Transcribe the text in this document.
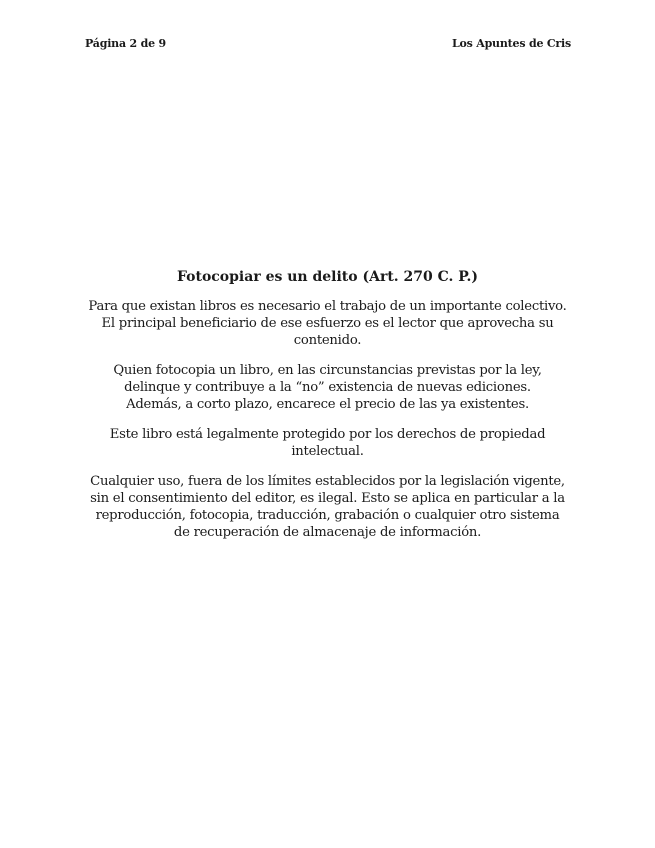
Página 2 de 9	Los Apuntes de Cris
Fotocopiar es un delito (Art. 270 C. P.)
Para que existan libros es necesario el trabajo de un importante colectivo.
El principal beneficiario de ese esfuerzo es el lector que aprovecha su contenido.
Quien fotocopia un libro, en las circunstancias previstas por la ley, delinque y contribuye a la “no” existencia de nuevas ediciones.
Además, a corto plazo, encarece el precio de las ya existentes.
Este libro está legalmente protegido por los derechos de propiedad intelectual.
Cualquier uso, fuera de los límites establecidos por la legislación vigente, sin el consentimiento del editor, es ilegal. Esto se aplica en particular a la reproducción, fotocopia, traducción, grabación o cualquier otro sistema de recuperación de almacenaje de información.
